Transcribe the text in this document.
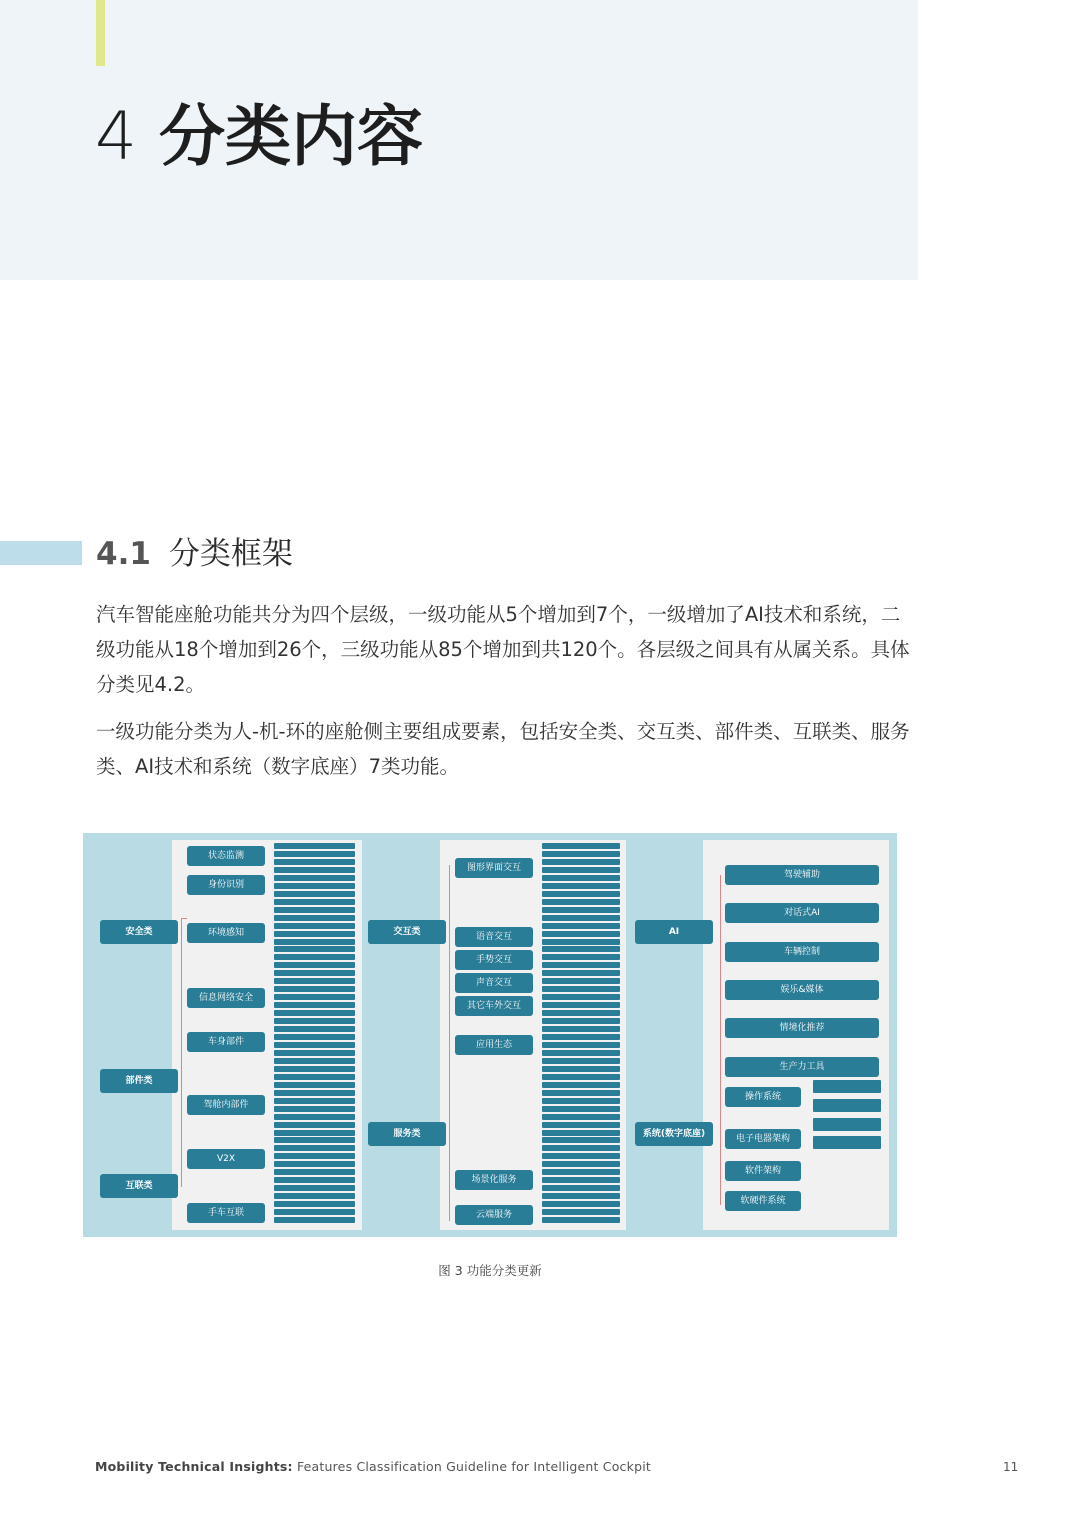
4 分类内容
4.1 分类框架
汽车智能座舱功能共分为四个层级，一级功能从5个增加到7个，一级增加了AI技术和系统，二级功能从18个增加到26个，三级功能从85个增加到共120个。各层级之间具有从属关系。具体分类见4.2。
一级功能分类为人-机-环的座舱侧主要组成要素，包括安全类、交互类、部件类、互联类、服务类、AI技术和系统（数字底座）7类功能。
安全类
部件类
互联类
状态监测
身份识别
环境感知
信息网络安全
车身部件
驾舱内部件
V2X
手车互联
交互类
服务类
图形界面交互
语音交互
手势交互
声音交互
其它车外交互
应用生态
场景化服务
云端服务
AI
系统(数字底座)
驾驶辅助
对话式AI
车辆控制
娱乐&媒体
情境化推荐
生产力工具
操作系统
电子电器架构
软件架构
软硬件系统
图 3 功能分类更新
Mobility Technical Insights: Features Classification Guideline for Intelligent Cockpit	11
